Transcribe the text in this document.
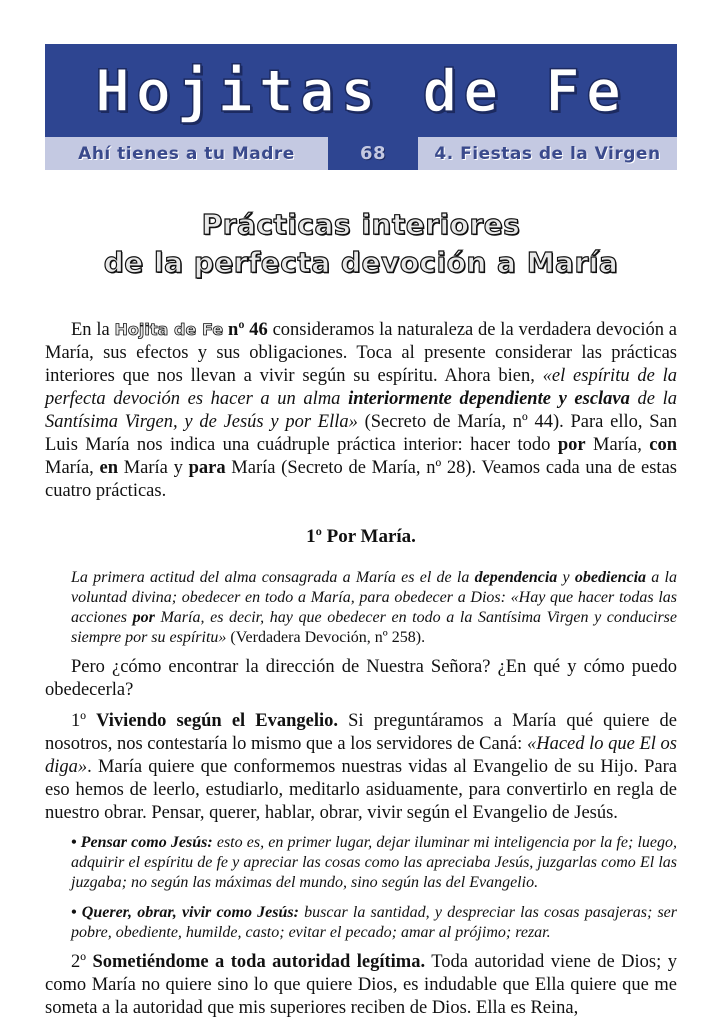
Hojitas de Fe
Ahí tienes a tu Madre	68	4. Fiestas de la Virgen
Prácticas interiores
de la perfecta devoción a María

En la Hojita de Fe nº 46 consideramos la naturaleza de la verdadera devoción a María, sus efectos y sus obligaciones. Toca al presente considerar las prácticas interiores que nos llevan a vivir según su espíritu. Ahora bien, «el espíritu de la perfecta devoción es hacer a un alma interiormente dependiente y esclava de la Santísima Virgen, y de Jesús y por Ella» (Secreto de María, nº 44). Para ello, San Luis María nos indica una cuádruple práctica interior: hacer todo por María, con María, en María y para María (Secreto de María, nº 28). Veamos cada una de estas cuatro prácticas.

1º Por María.

La primera actitud del alma consagrada a María es el de la dependencia y obediencia a la voluntad divina; obedecer en todo a María, para obedecer a Dios: «Hay que hacer todas las acciones por María, es decir, hay que obedecer en todo a la Santísima Virgen y conducirse siempre por su espíritu» (Verdadera Devoción, nº 258).

Pero ¿cómo encontrar la dirección de Nuestra Señora? ¿En qué y cómo puedo obedecerla?

1º Viviendo según el Evangelio. Si preguntáramos a María qué quiere de nosotros, nos contestaría lo mismo que a los servidores de Caná: «Haced lo que El os diga». María quiere que conformemos nuestras vidas al Evangelio de su Hijo. Para eso hemos de leerlo, estudiarlo, meditarlo asiduamente, para convertirlo en regla de nuestro obrar. Pensar, querer, hablar, obrar, vivir según el Evangelio de Jesús.

• Pensar como Jesús: esto es, en primer lugar, dejar iluminar mi inteligencia por la fe; luego, adquirir el espíritu de fe y apreciar las cosas como las apreciaba Jesús, juzgarlas como El las juzgaba; no según las máximas del mundo, sino según las del Evangelio.

• Querer, obrar, vivir como Jesús: buscar la santidad, y despreciar las cosas pasajeras; ser pobre, obediente, humilde, casto; evitar el pecado; amar al prójimo; rezar.

2º Sometiéndome a toda autoridad legítima. Toda autoridad viene de Dios; y como María no quiere sino lo que quiere Dios, es indudable que Ella quiere que me someta a la autoridad que mis superiores reciben de Dios. Ella es Reina,
